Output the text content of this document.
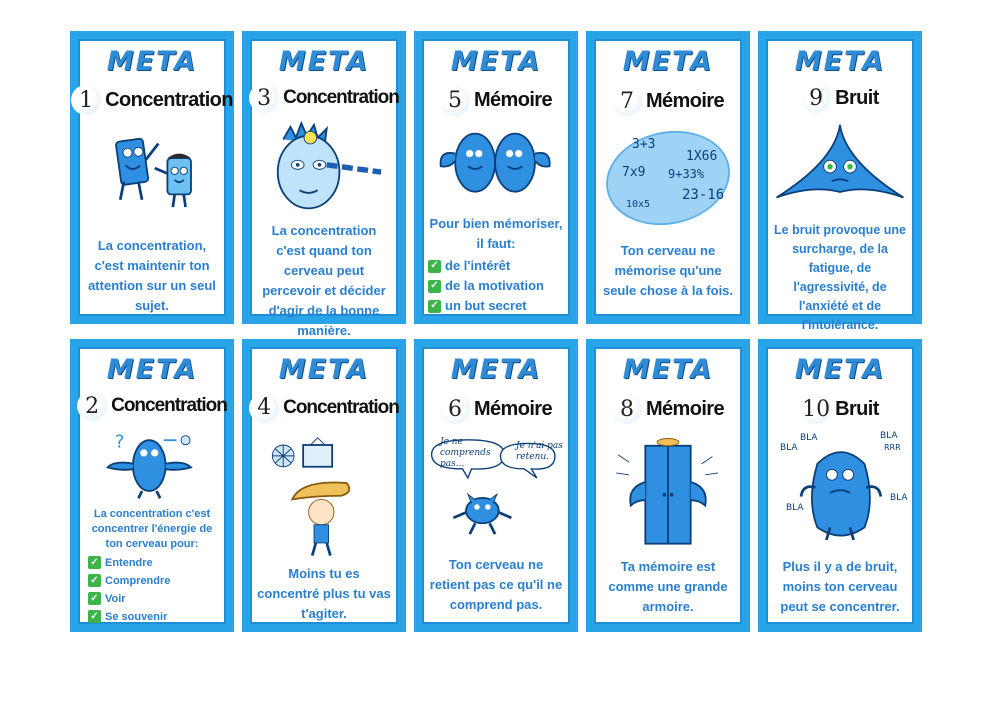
META
1 Concentration
La concentration, c'est maintenir ton attention sur un seul sujet.
META
3 Concentration
La concentration c'est quand ton cerveau peut percevoir et décider d'agir de la bonne manière.
META
5 Mémoire
Pour bien mémoriser, il faut:
✓ de l'intérêt
✓ de la motivation
✓ un but secret
META
7 Mémoire
3+3
1X66
7x9 9+33%
23-16
10x5
Ton cerveau ne mémorise qu'une seule chose à la fois.
META
9 Bruit
Le bruit provoque une surcharge, de la fatigue, de l'agressivité, de l'anxiété et de l'intolérance.
META
2 Concentration
?
La concentration c'est concentrer l'énergie de ton cerveau pour:
✓ Entendre
✓ Comprendre
✓ Voir
✓ Se souvenir
META
4 Concentration
Moins tu es concentré plus tu vas t'agiter.
META
6 Mémoire
Je ne comprends pas...
Je n'ai pas retenu.
Ton cerveau ne retient pas ce qu'il ne comprend pas.
META
8 Mémoire
Ta mémoire est comme une grande armoire.
META
10 Bruit
BLA
BLA	BLA
RRR
BLA
BLA
Plus il y a de bruit, moins ton cerveau peut se concentrer.
